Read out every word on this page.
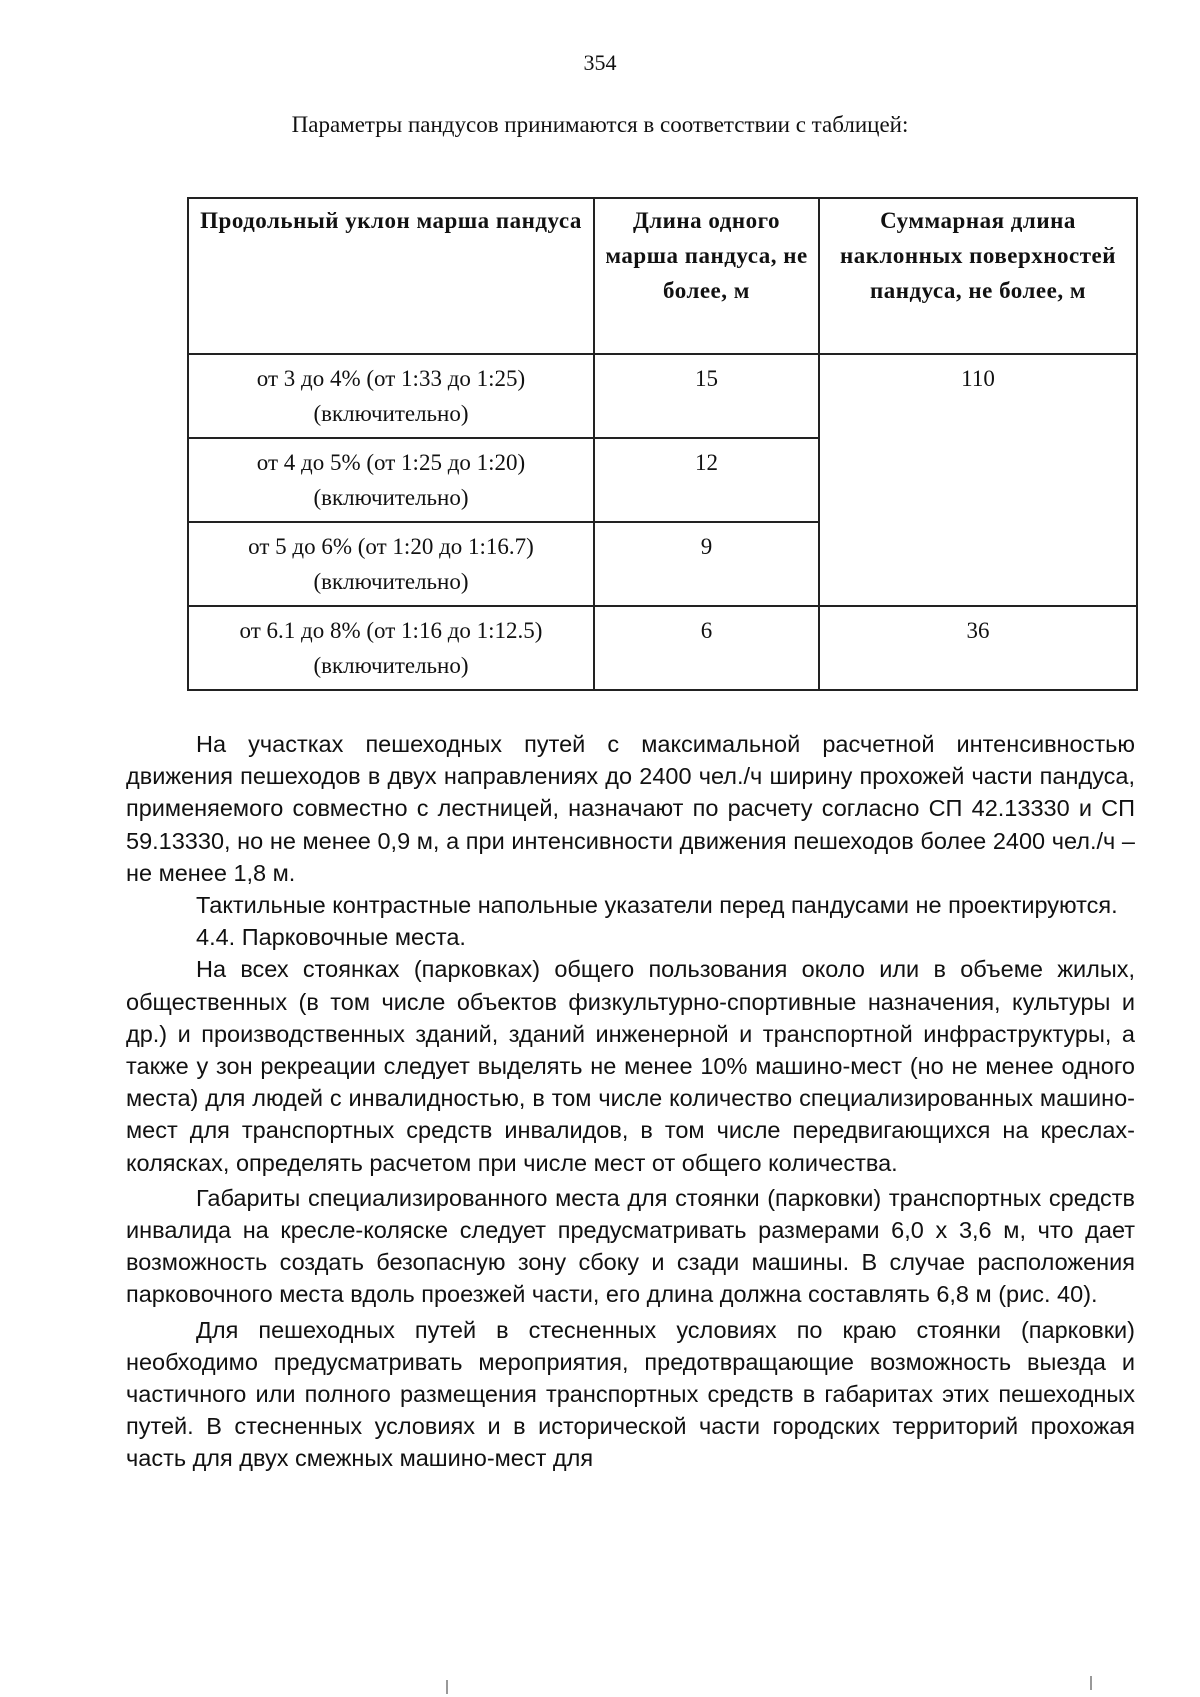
354
Параметры пандусов принимаются в соответствии с таблицей:
Продольный уклон марша пандуса	Длина одного марша пандуса, не более, м	Суммарная длина наклонных поверхностей пандуса, не более, м
от 3 до 4% (от 1:33 до 1:25) (включительно)	15	110
от 4 до 5% (от 1:25 до 1:20) (включительно)	12	
от 5 до 6% (от 1:20 до 1:16.7) (включительно)	9	
от 6.1 до 8% (от 1:16 до 1:12.5) (включительно)	6	36

На участках пешеходных путей с максимальной расчетной интенсивностью движения пешеходов в двух направлениях до 2400 чел./ч ширину прохожей части пандуса, применяемого совместно с лестницей, назначают по расчету согласно СП 42.13330 и СП 59.13330, но не менее 0,9 м, а при интенсивности движения пешеходов более 2400 чел./ч – не менее 1,8 м.

Тактильные контрастные напольные указатели перед пандусами не проектируются.

4.4. Парковочные места.

На всех стоянках (парковках) общего пользования около или в объеме жилых, общественных (в том числе объектов физкультурно-спортивные назначения, культуры и др.) и производственных зданий, зданий инженерной и транспортной инфраструктуры, а также у зон рекреации следует выделять не менее 10% машино-мест (но не менее одного места) для людей с инвалидностью, в том числе количество специализированных машино-мест для транспортных средств инвалидов, в том числе передвигающихся на креслах-колясках, определять расчетом при числе мест от общего количества.

Габариты специализированного места для стоянки (парковки) транспортных средств инвалида на кресле-коляске следует предусматривать размерами 6,0 х 3,6 м, что дает возможность создать безопасную зону сбоку и сзади машины. В случае расположения парковочного места вдоль проезжей части, его длина должна составлять 6,8 м (рис. 40).

Для пешеходных путей в стесненных условиях по краю стоянки (парковки) необходимо предусматривать мероприятия, предотвращающие возможность выезда и частичного или полного размещения транспортных средств в габаритах этих пешеходных путей. В стесненных условиях и в исторической части городских территорий прохожая часть для двух смежных машино-мест для
